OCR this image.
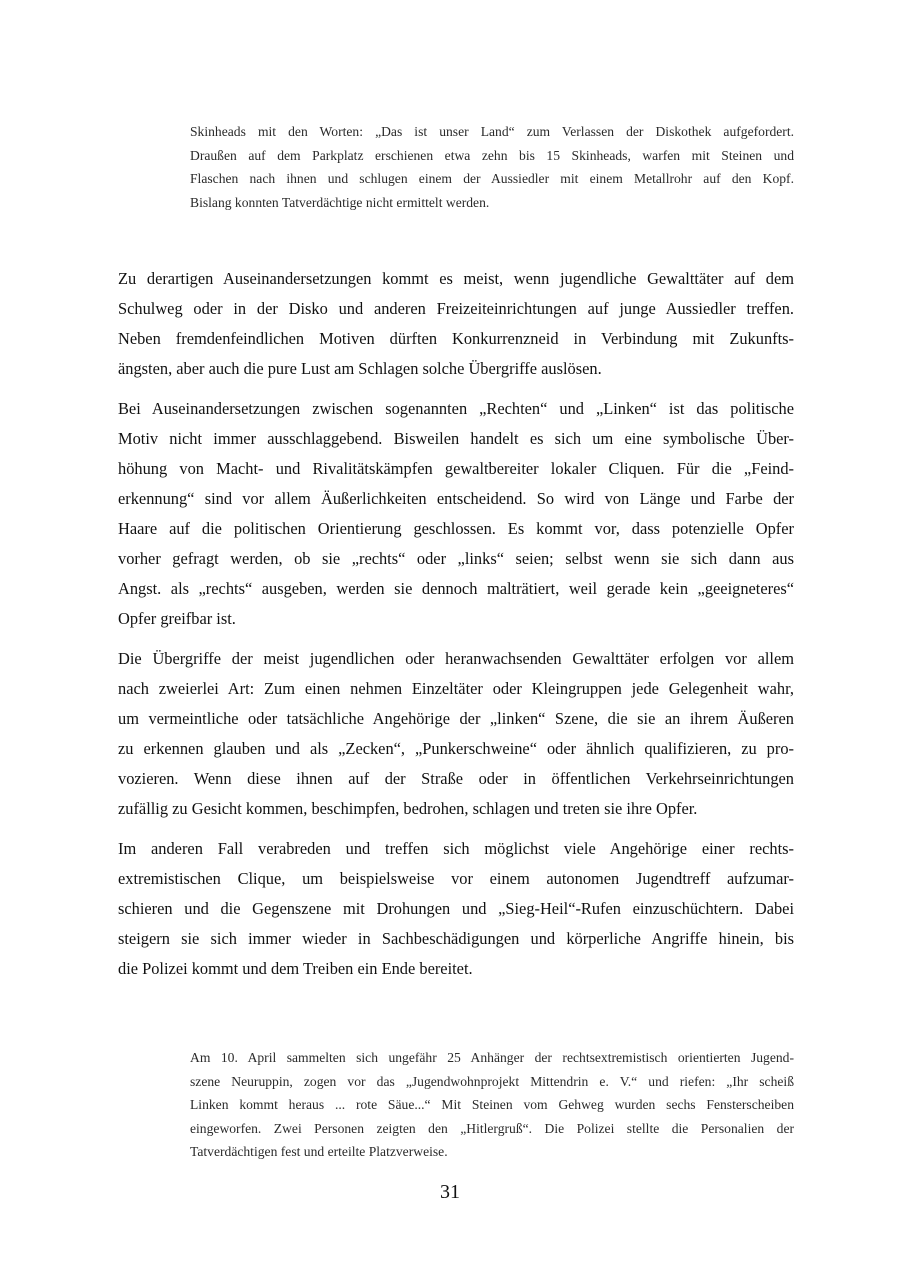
Skinheads mit den Worten: „Das ist unser Land“ zum Verlassen der Diskothek aufgefordert.
Draußen auf dem Parkplatz erschienen etwa zehn bis 15 Skinheads, warfen mit Steinen und
Flaschen nach ihnen und schlugen einem der Aussiedler mit einem Metallrohr auf den Kopf.
Bislang konnten Tatverdächtige nicht ermittelt werden.
Zu derartigen Auseinandersetzungen kommt es meist, wenn jugendliche Gewalttäter auf dem
Schulweg oder in der Disko und anderen Freizeiteinrichtungen auf junge Aussiedler treffen.
Neben fremdenfeindlichen Motiven dürften Konkurrenzneid in Verbindung mit Zukunfts-
ängsten, aber auch die pure Lust am Schlagen solche Übergriffe auslösen.
Bei Auseinandersetzungen zwischen sogenannten „Rechten“ und „Linken“ ist das politische
Motiv nicht immer ausschlaggebend. Bisweilen handelt es sich um eine symbolische Über-
höhung von Macht- und Rivalitätskämpfen gewaltbereiter lokaler Cliquen. Für die „Feind-
erkennung“ sind vor allem Äußerlichkeiten entscheidend. So wird von Länge und Farbe der
Haare auf die politischen Orientierung geschlossen. Es kommt vor, dass potenzielle Opfer
vorher gefragt werden, ob sie „rechts“ oder „links“ seien; selbst wenn sie sich dann aus
Angst. als „rechts“ ausgeben, werden sie dennoch malträtiert, weil gerade kein „geeigneteres“
Opfer greifbar ist.
Die Übergriffe der meist jugendlichen oder heranwachsenden Gewalttäter erfolgen vor allem
nach zweierlei Art: Zum einen nehmen Einzeltäter oder Kleingruppen jede Gelegenheit wahr,
um vermeintliche oder tatsächliche Angehörige der „linken“ Szene, die sie an ihrem Äußeren
zu erkennen glauben und als „Zecken“, „Punkerschweine“ oder ähnlich qualifizieren, zu pro-
vozieren. Wenn diese ihnen auf der Straße oder in öffentlichen Verkehrseinrichtungen
zufällig zu Gesicht kommen, beschimpfen, bedrohen, schlagen und treten sie ihre Opfer.
Im anderen Fall verabreden und treffen sich möglichst viele Angehörige einer rechts-
extremistischen Clique, um beispielsweise vor einem autonomen Jugendtreff aufzumar-
schieren und die Gegenszene mit Drohungen und „Sieg-Heil“-Rufen einzuschüchtern. Dabei
steigern sie sich immer wieder in Sachbeschädigungen und körperliche Angriffe hinein, bis
die Polizei kommt und dem Treiben ein Ende bereitet.
Am 10. April sammelten sich ungefähr 25 Anhänger der rechtsextremistisch orientierten Jugend-
szene Neuruppin, zogen vor das „Jugendwohnprojekt Mittendrin e. V.“ und riefen: „Ihr scheiß
Linken kommt heraus ... rote Säue...“ Mit Steinen vom Gehweg wurden sechs Fensterscheiben
eingeworfen. Zwei Personen zeigten den „Hitlergruß“. Die Polizei stellte die Personalien der
Tatverdächtigen fest und erteilte Platzverweise.
31
